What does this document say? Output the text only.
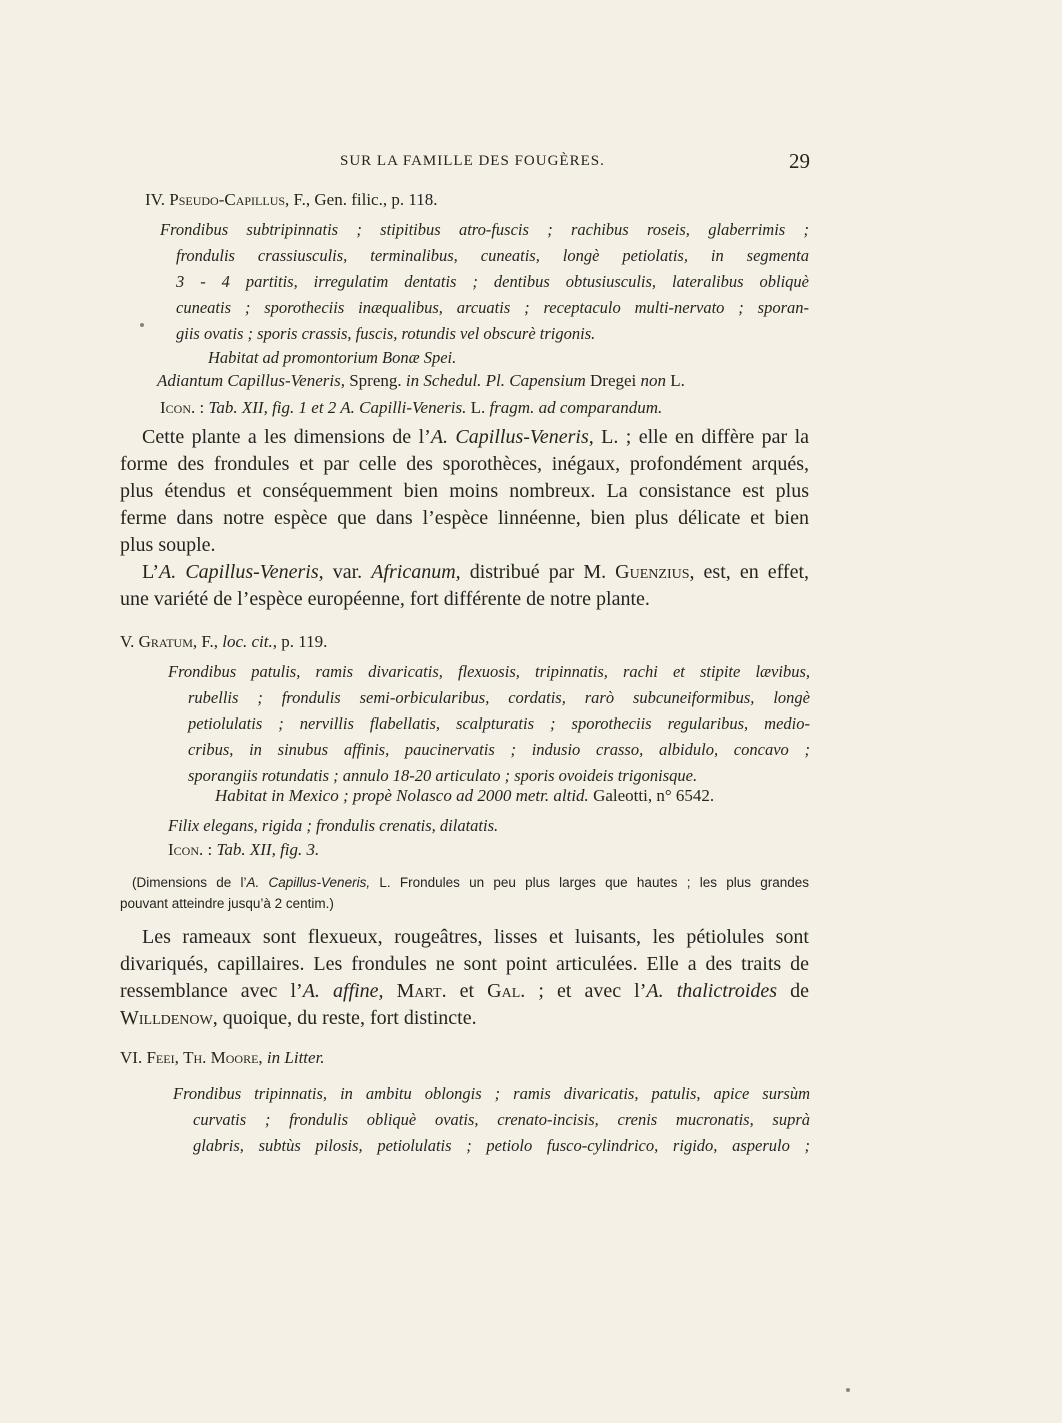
SUR LA FAMILLE DES FOUGÈRES.	29
IV. Pseudo-Capillus, F., Gen. filic., p. 118.
Frondibus subtripinnatis ; stipitibus atro-fuscis ; rachibus roseis, glaberrimis ;
frondulis crassiusculis, terminalibus, cuneatis, longè petiolatis, in segmenta
3 - 4 partitis, irregulatim dentatis ; dentibus obtusiusculis, lateralibus obliquè
cuneatis ; sporotheciis inæqualibus, arcuatis ; receptaculo multi-nervato ; sporan-
giis ovatis ; sporis crassis, fuscis, rotundis vel obscurè trigonis.
Habitat ad promontorium Bonæ Spei.
Adiantum Capillus-Veneris, Spreng. in Schedul. Pl. Capensium Dregei non L.
Icon. : Tab. XII, fig. 1 et 2 A. Capilli-Veneris. L. fragm. ad comparandum.
Cette plante a les dimensions de l’A. Capillus-Veneris, L. ; elle en diffère par la
forme des frondules et par celle des sporothèces, inégaux, profondément arqués,
plus étendus et conséquemment bien moins nombreux. La consistance est plus
ferme dans notre espèce que dans l’espèce linnéenne, bien plus délicate et bien
plus souple.
L’A. Capillus-Veneris, var. Africanum, distribué par M. Guenzius, est, en effet,
une variété de l’espèce européenne, fort différente de notre plante.
V. Gratum, F., loc. cit., p. 119.
Frondibus patulis, ramis divaricatis, flexuosis, tripinnatis, rachi et stipite lævibus,
rubellis ; frondulis semi-orbicularibus, cordatis, rarò subcuneiformibus, longè
petiolulatis ; nervillis flabellatis, scalpturatis ; sporotheciis regularibus, medio-
cribus, in sinubus affinis, paucinervatis ; indusio crasso, albidulo, concavo ;
sporangiis rotundatis ; annulo 18-20 articulato ; sporis ovoideis trigonisque.
Habitat in Mexico ; propè Nolasco ad 2000 metr. altid. Galeotti, n° 6542.
Filix elegans, rigida ; frondulis crenatis, dilatatis.
Icon. : Tab. XII, fig. 3.
(Dimensions de l’A. Capillus-Veneris, L. Frondules un peu plus larges que hautes ; les plus grandes
pouvant atteindre jusqu’à 2 centim.)
Les rameaux sont flexueux, rougeâtres, lisses et luisants, les pétiolules sont
divariqués, capillaires. Les frondules ne sont point articulées. Elle a des traits de
ressemblance avec l’A. affine, Mart. et Gal. ; et avec l’A. thalictroides de
Willdenow, quoique, du reste, fort distincte.
VI. Feei, Th. Moore, in Litter.
Frondibus tripinnatis, in ambitu oblongis ; ramis divaricatis, patulis, apice sursùm
curvatis ; frondulis obliquè ovatis, crenato-incisis, crenis mucronatis, suprà
glabris, subtùs pilosis, petiolulatis ; petiolo fusco-cylindrico, rigido, asperulo ;
